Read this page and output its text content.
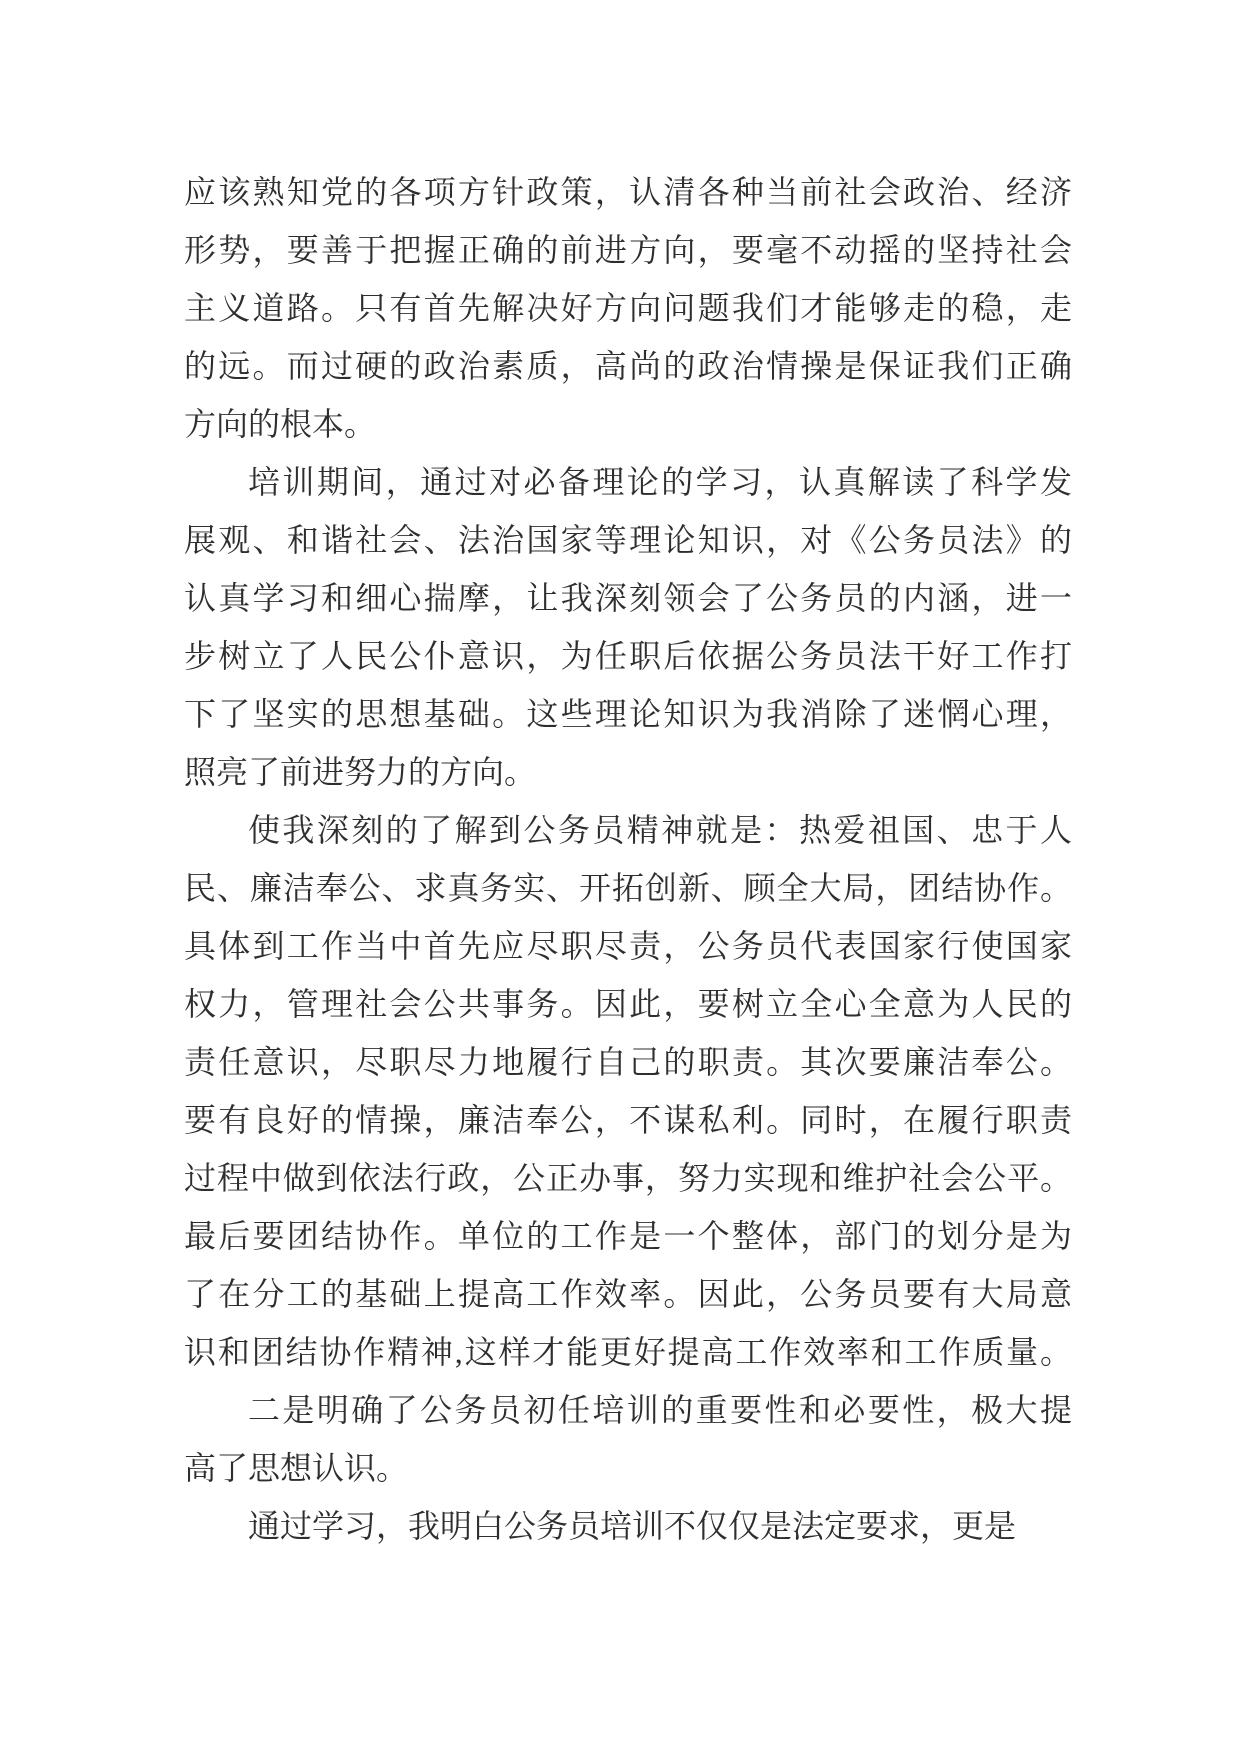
应该熟知党的各项方针政策，认清各种当前社会政治、经济
形势，要善于把握正确的前进方向，要毫不动摇的坚持社会
主义道路。只有首先解决好方向问题我们才能够走的稳，走
的远。而过硬的政治素质，高尚的政治情操是保证我们正确
方向的根本。
培训期间，通过对必备理论的学习，认真解读了科学发
展观、和谐社会、法治国家等理论知识，对《公务员法》的
认真学习和细心揣摩，让我深刻领会了公务员的内涵，进一
步树立了人民公仆意识，为任职后依据公务员法干好工作打
下了坚实的思想基础。这些理论知识为我消除了迷惘心理，
照亮了前进努力的方向。
使我深刻的了解到公务员精神就是：热爱祖国、忠于人
民、廉洁奉公、求真务实、开拓创新、顾全大局，团结协作。
具体到工作当中首先应尽职尽责，公务员代表国家行使国家
权力，管理社会公共事务。因此，要树立全心全意为人民的
责任意识，尽职尽力地履行自己的职责。其次要廉洁奉公。
要有良好的情操，廉洁奉公，不谋私利。同时，在履行职责
过程中做到依法行政，公正办事，努力实现和维护社会公平。
最后要团结协作。单位的工作是一个整体，部门的划分是为
了在分工的基础上提高工作效率。因此，公务员要有大局意
识和团结协作精神,这样才能更好提高工作效率和工作质量。
二是明确了公务员初任培训的重要性和必要性，极大提
高了思想认识。
通过学习，我明白公务员培训不仅仅是法定要求，更是
